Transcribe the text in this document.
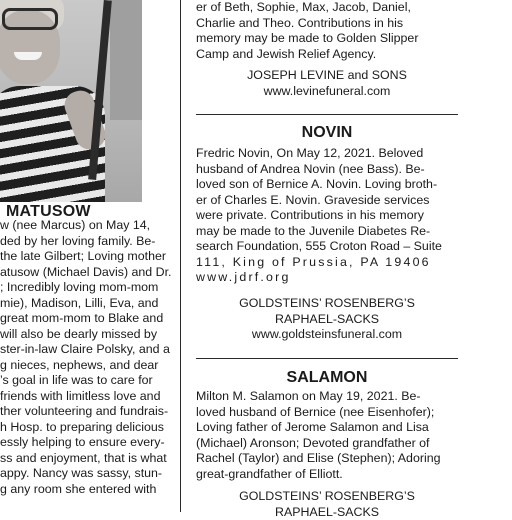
MATUSOW
w (nee Marcus) on May 14,
ded by her loving family. Be-
the late Gilbert; Loving mother
atusow (Michael Davis) and Dr.
; Incredibly loving mom-mom
mie), Madison, Lilli, Eva, and
great mom-mom to Blake and
will also be dearly missed by
ster-in-law Claire Polsky, and a
g nieces, nephews, and dear
’s goal in life was to care for
friends with limitless love and
ther volunteering and fundrais-
h Hosp. to preparing delicious
essly helping to ensure every-
ss and enjoyment, that is what
appy. Nancy was sassy, stun-
g any room she entered with
er of Beth, Sophie, Max, Jacob, Daniel,
Charlie and Theo. Contributions in his
memory may be made to Golden Slipper
Camp and Jewish Relief Agency.
JOSEPH LEVINE and SONS
www.levinefuneral.com
NOVIN
Fredric Novin, On May 12, 2021. Beloved
husband of Andrea Novin (nee Bass). Be-
loved son of Bernice A. Novin. Loving broth-
er of Charles E. Novin. Graveside services
were private. Contributions in his memory
may be made to the Juvenile Diabetes Re-
search Foundation, 555 Croton Road – Suite
111, King of Prussia, PA 19406
www.jdrf.org
GOLDSTEINS’ ROSENBERG’S
RAPHAEL-SACKS
www.goldsteinsfuneral.com
SALAMON
Milton M. Salamon on May 19, 2021. Be-
loved husband of Bernice (nee Eisenhofer);
Loving father of Jerome Salamon and Lisa
(Michael) Aronson; Devoted grandfather of
Rachel (Taylor) and Elise (Stephen); Adoring
great-grandfather of Elliott.
GOLDSTEINS’ ROSENBERG’S
RAPHAEL-SACKS
